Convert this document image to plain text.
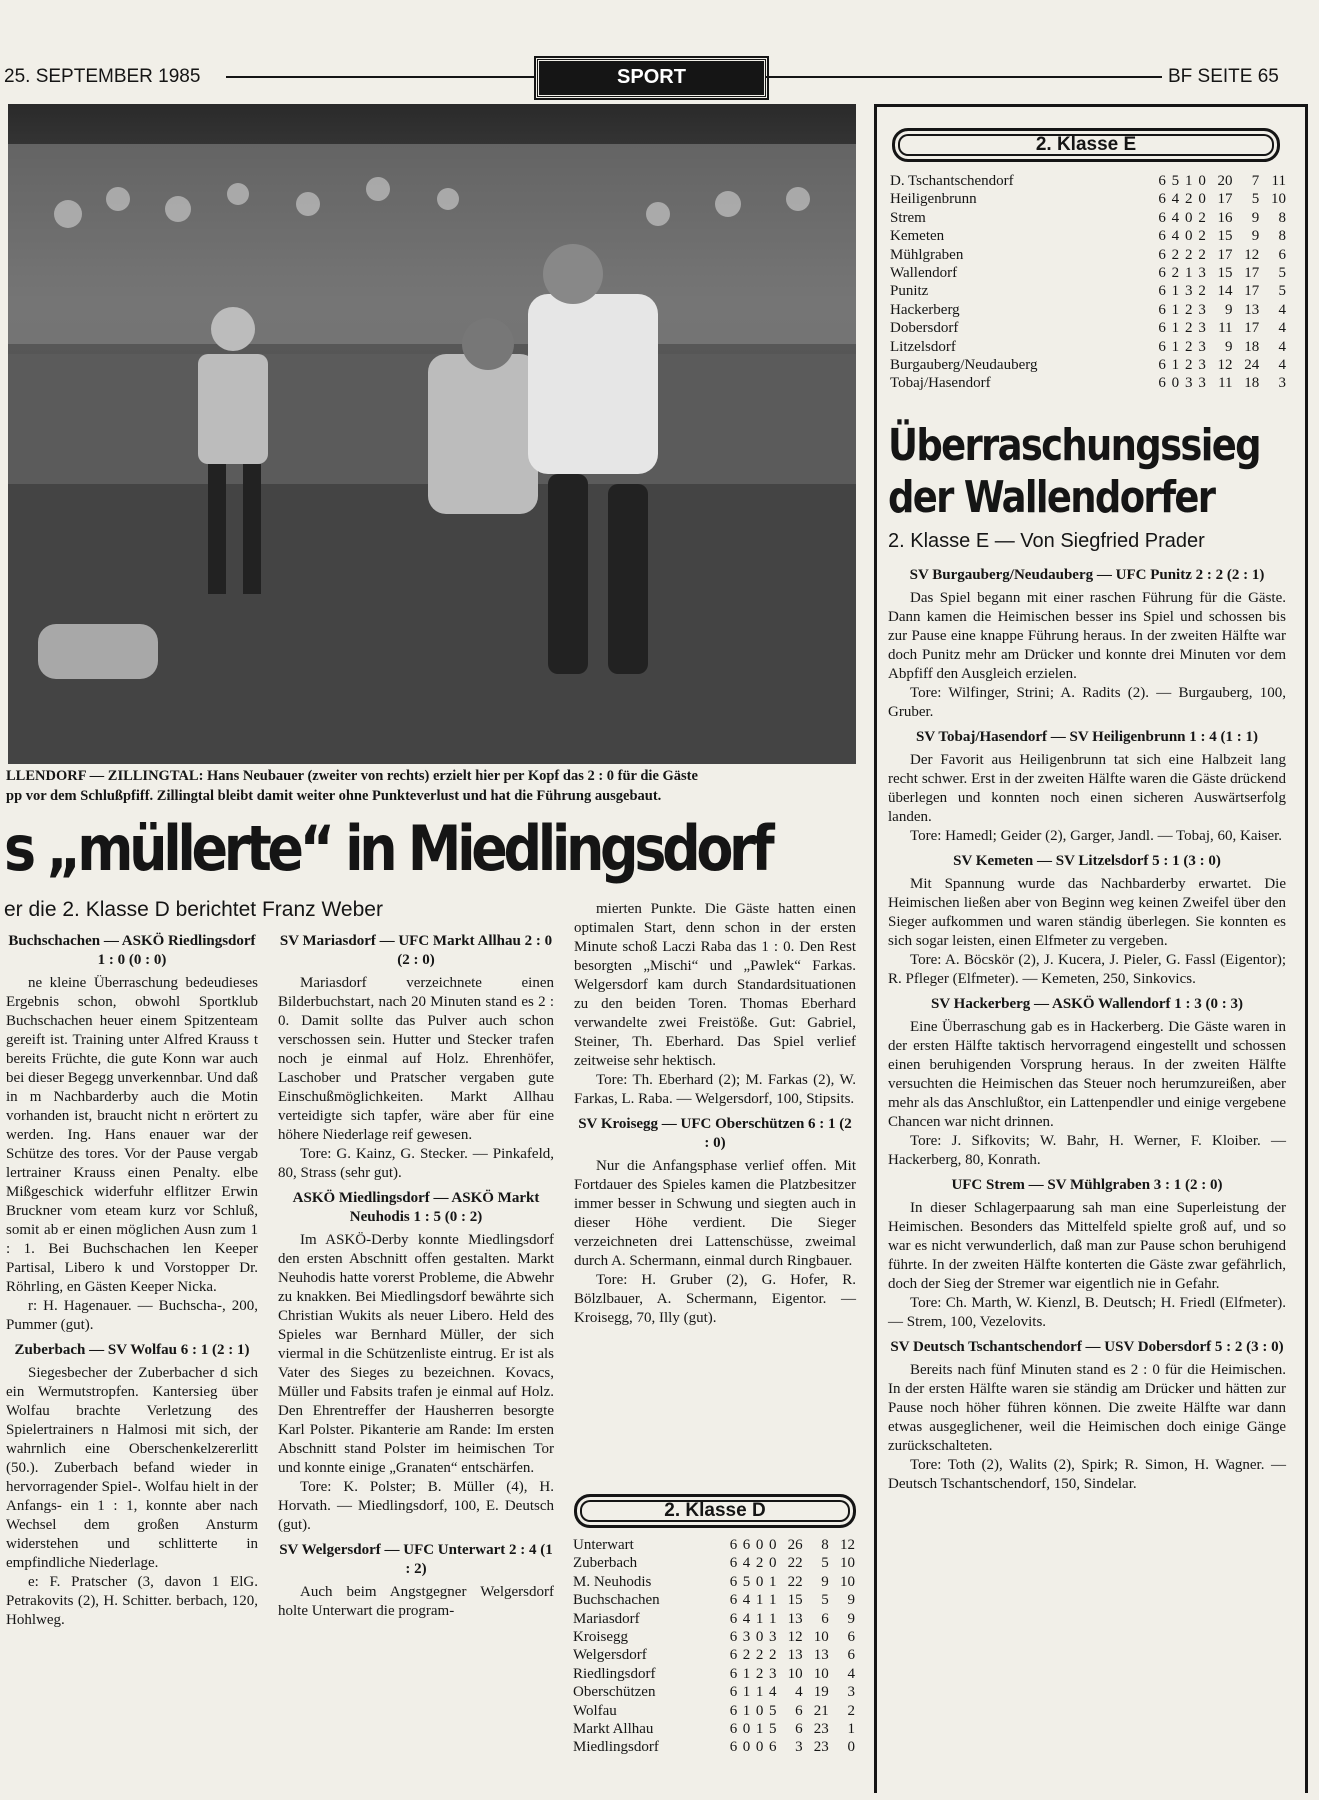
25. SEPTEMBER 1985	SPORT	BF SEITE 65
LLENDORF — ZILLINGTAL: Hans Neubauer (zweiter von rechts) erzielt hier per Kopf das 2 : 0 für die Gäste
pp vor dem Schlußpfiff. Zillingtal bleibt damit weiter ohne Punkteverlust und hat die Führung ausgebaut.
s „müllerte“ in Miedlingsdorf
er die 2. Klasse D berichtet Franz Weber
Buchschachen — ASKÖ Riedlingsdorf 1 : 0 (0 : 0)

ne kleine Überraschung bedeudieses Ergebnis schon, obwohl Sportklub Buchschachen heuer einem Spitzenteam gereift ist. Training unter Alfred Krauss t bereits Früchte, die gute Konn war auch bei dieser Begegg unverkennbar. Und daß in m Nachbarderby auch die Motin vorhanden ist, braucht nicht n erörtert zu werden. Ing. Hans enauer war der Schütze des tores. Vor der Pause vergab lertrainer Krauss einen Penalty. elbe Mißgeschick widerfuhr elflitzer Erwin Bruckner vom eteam kurz vor Schluß, somit ab er einen möglichen Ausn zum 1 : 1. Bei Buchschachen len Keeper Partisal, Libero k und Vorstopper Dr. Röhrling, en Gästen Keeper Nicka.

r: H. Hagenauer. — Buchscha-, 200, Pummer (gut).

Zuberbach — SV Wolfau 6 : 1 (2 : 1)

Siegesbecher der Zuberbacher d sich ein Wermutstropfen. Kantersieg über Wolfau brachte Verletzung des Spielertrainers n Halmosi mit sich, der wahrnlich eine Oberschenkelzererlitt (50.). Zuberbach befand wieder in hervorragender Spiel-. Wolfau hielt in der Anfangs- ein 1 : 1, konnte aber nach Wechsel dem großen Ansturm widerstehen und schlitterte in empfindliche Niederlage.

e: F. Pratscher (3, davon 1 ElG. Petrakovits (2), H. Schitter. berbach, 120, Hohlweg.

SV Mariasdorf — UFC Markt Allhau 2 : 0 (2 : 0)

Mariasdorf verzeichnete einen Bilderbuchstart, nach 20 Minuten stand es 2 : 0. Damit sollte das Pulver auch schon verschossen sein. Hutter und Stecker trafen noch je einmal auf Holz. Ehrenhöfer, Laschober und Pratscher vergaben gute Einschußmöglichkeiten. Markt Allhau verteidigte sich tapfer, wäre aber für eine höhere Niederlage reif gewesen.

Tore: G. Kainz, G. Stecker. — Pinkafeld, 80, Strass (sehr gut).

ASKÖ Miedlingsdorf — ASKÖ Markt Neuhodis 1 : 5 (0 : 2)

Im ASKÖ-Derby konnte Miedlingsdorf den ersten Abschnitt offen gestalten. Markt Neuhodis hatte vorerst Probleme, die Abwehr zu knakken. Bei Miedlingsdorf bewährte sich Christian Wukits als neuer Libero. Held des Spieles war Bernhard Müller, der sich viermal in die Schützenliste eintrug. Er ist als Vater des Sieges zu bezeichnen. Kovacs, Müller und Fabsits trafen je einmal auf Holz. Den Ehrentreffer der Hausherren besorgte Karl Polster. Pikanterie am Rande: Im ersten Abschnitt stand Polster im heimischen Tor und konnte einige „Granaten“ entschärfen.

Tore: K. Polster; B. Müller (4), H. Horvath. — Miedlingsdorf, 100, E. Deutsch (gut).

SV Welgersdorf — UFC Unterwart 2 : 4 (1 : 2)

Auch beim Angstgegner Welgersdorf holte Unterwart die program-

mierten Punkte. Die Gäste hatten einen optimalen Start, denn schon in der ersten Minute schoß Laczi Raba das 1 : 0. Den Rest besorgten „Mischi“ und „Pawlek“ Farkas. Welgersdorf kam durch Standardsituationen zu den beiden Toren. Thomas Eberhard verwandelte zwei Freistöße. Gut: Gabriel, Steiner, Th. Eberhard. Das Spiel verlief zeitweise sehr hektisch.

Tore: Th. Eberhard (2); M. Farkas (2), W. Farkas, L. Raba. — Welgersdorf, 100, Stipsits.

SV Kroisegg — UFC Oberschützen 6 : 1 (2 : 0)

Nur die Anfangsphase verlief offen. Mit Fortdauer des Spieles kamen die Platzbesitzer immer besser in Schwung und siegten auch in dieser Höhe verdient. Die Sieger verzeichneten drei Lattenschüsse, zweimal durch A. Schermann, einmal durch Ringbauer.

Tore: H. Gruber (2), G. Hofer, R. Bölzlbauer, A. Schermann, Eigentor. — Kroisegg, 70, Illy (gut).

2. Klasse D
Unterwart	6	6	0	0	26	8	12
Zuberbach	6	4	2	0	22	5	10
M. Neuhodis	6	5	0	1	22	9	10
Buchschachen	6	4	1	1	15	5	9
Mariasdorf	6	4	1	1	13	6	9
Kroisegg	6	3	0	3	12	10	6
Welgersdorf	6	2	2	2	13	13	6
Riedlingsdorf	6	1	2	3	10	10	4
Oberschützen	6	1	1	4	4	19	3
Wolfau	6	1	0	5	6	21	2
Markt Allhau	6	0	1	5	6	23	1
Miedlingsdorf	6	0	0	6	3	23	0
2. Klasse E
D. Tschantschendorf	6	5	1	0	20	7	11
Heiligenbrunn	6	4	2	0	17	5	10
Strem	6	4	0	2	16	9	8
Kemeten	6	4	0	2	15	9	8
Mühlgraben	6	2	2	2	17	12	6
Wallendorf	6	2	1	3	15	17	5
Punitz	6	1	3	2	14	17	5
Hackerberg	6	1	2	3	9	13	4
Dobersdorf	6	1	2	3	11	17	4
Litzelsdorf	6	1	2	3	9	18	4
Burgauberg/Neudauberg	6	1	2	3	12	24	4
Tobaj/Hasendorf	6	0	3	3	11	18	3
Überraschungssieg
der Wallendorfer
2. Klasse E — Von Siegfried Prader
SV Burgauberg/Neudauberg — UFC Punitz 2 : 2 (2 : 1)

Das Spiel begann mit einer raschen Führung für die Gäste. Dann kamen die Heimischen besser ins Spiel und schossen bis zur Pause eine knappe Führung heraus. In der zweiten Hälfte war doch Punitz mehr am Drücker und konnte drei Minuten vor dem Abpfiff den Ausgleich erzielen.

Tore: Wilfinger, Strini; A. Radits (2). — Burgauberg, 100, Gruber.

SV Tobaj/Hasendorf — SV Heiligenbrunn 1 : 4 (1 : 1)

Der Favorit aus Heiligenbrunn tat sich eine Halbzeit lang recht schwer. Erst in der zweiten Hälfte waren die Gäste drückend überlegen und konnten noch einen sicheren Auswärtserfolg landen.

Tore: Hamedl; Geider (2), Garger, Jandl. — Tobaj, 60, Kaiser.

SV Kemeten — SV Litzelsdorf 5 : 1 (3 : 0)

Mit Spannung wurde das Nachbarderby erwartet. Die Heimischen ließen aber von Beginn weg keinen Zweifel über den Sieger aufkommen und waren ständig überlegen. Sie konnten es sich sogar leisten, einen Elfmeter zu vergeben.

Tore: A. Böcskör (2), J. Kucera, J. Pieler, G. Fassl (Eigentor); R. Pfleger (Elfmeter). — Kemeten, 250, Sinkovics.

SV Hackerberg — ASKÖ Wallendorf 1 : 3 (0 : 3)

Eine Überraschung gab es in Hackerberg. Die Gäste waren in der ersten Hälfte taktisch hervorragend eingestellt und schossen einen beruhigenden Vorsprung heraus. In der zweiten Hälfte versuchten die Heimischen das Steuer noch herumzureißen, aber mehr als das Anschlußtor, ein Lattenpendler und einige vergebene Chancen war nicht drinnen.

Tore: J. Sifkovits; W. Bahr, H. Werner, F. Kloiber. — Hackerberg, 80, Konrath.

UFC Strem — SV Mühlgraben 3 : 1 (2 : 0)

In dieser Schlagerpaarung sah man eine Superleistung der Heimischen. Besonders das Mittelfeld spielte groß auf, und so war es nicht verwunderlich, daß man zur Pause schon beruhigend führte. In der zweiten Hälfte konterten die Gäste zwar gefährlich, doch der Sieg der Stremer war eigentlich nie in Gefahr.

Tore: Ch. Marth, W. Kienzl, B. Deutsch; H. Friedl (Elfmeter). — Strem, 100, Vezelovits.

SV Deutsch Tschantschendorf — USV Dobersdorf 5 : 2 (3 : 0)

Bereits nach fünf Minuten stand es 2 : 0 für die Heimischen. In der ersten Hälfte waren sie ständig am Drücker und hätten zur Pause noch höher führen können. Die zweite Hälfte war dann etwas ausgeglichener, weil die Heimischen doch einige Gänge zurückschalteten.

Tore: Toth (2), Walits (2), Spirk; R. Simon, H. Wagner. — Deutsch Tschantschendorf, 150, Sindelar.
